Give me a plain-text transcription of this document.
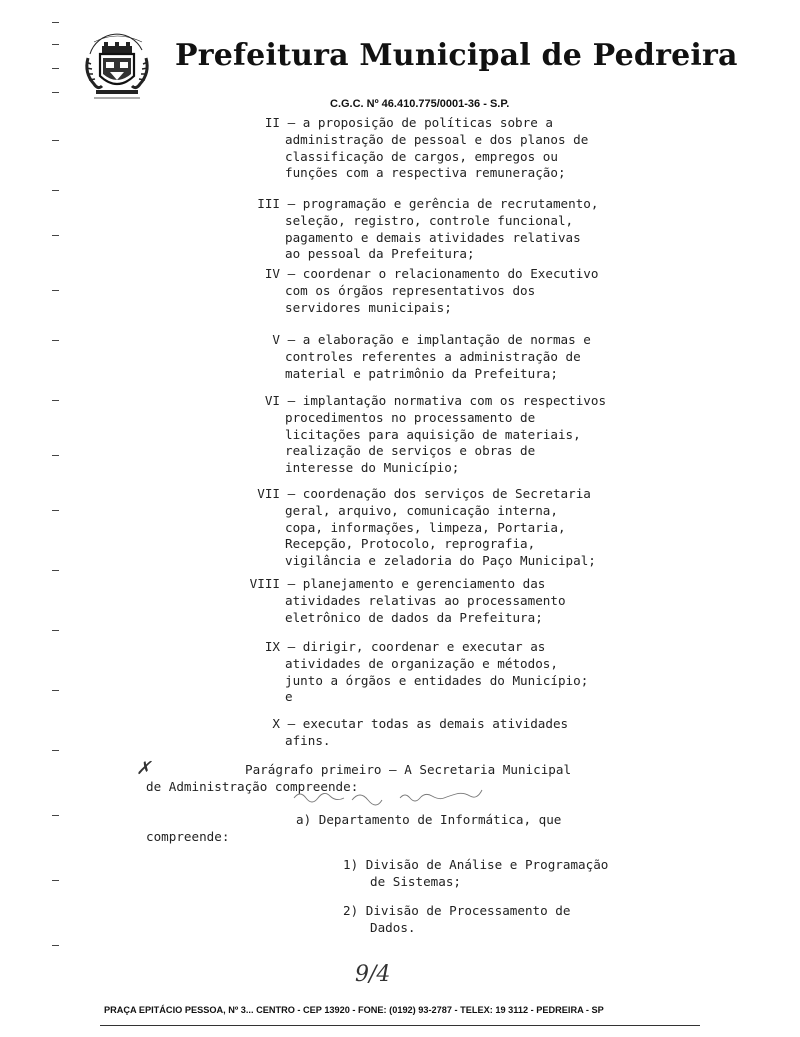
Prefeitura Municipal de Pedreira
C.G.C. Nº 46.410.775/0001-36 - S.P.
II – a proposição de políticas sobre a
administração de pessoal e dos planos de
classificação de cargos, empregos ou
funções com a respectiva remuneração;
III – programação e gerência de recrutamento,
seleção, registro, controle funcional,
pagamento e demais atividades relativas
ao pessoal da Prefeitura;
IV – coordenar o relacionamento do Executivo
com os órgãos representativos dos
servidores municipais;
V – a elaboração e implantação de normas e
controles referentes a administração de
material e patrimônio da Prefeitura;
VI – implantação normativa com os respectivos
procedimentos no processamento de
licitações para aquisição de materiais,
realização de serviços e obras de
interesse do Município;
VII – coordenação dos serviços de Secretaria
geral, arquivo, comunicação interna,
copa, informações, limpeza, Portaria,
Recepção, Protocolo, reprografia,
vigilância e zeladoria do Paço Municipal;
VIII – planejamento e gerenciamento das
atividades relativas ao processamento
eletrônico de dados da Prefeitura;
IX – dirigir, coordenar e executar as
atividades de organização e métodos,
junto a órgãos e entidades do Município;
e
X – executar todas as demais atividades
afins.
✗	Parágrafo primeiro — A Secretaria Municipal
de Administração compreende:
a) Departamento de Informática, que
compreende:
1) Divisão de Análise e Programação
de Sistemas;
2) Divisão de Processamento de
Dados.
9/4
PRAÇA EPITÁCIO PESSOA, Nº 3... CENTRO - CEP 13920 - FONE: (0192) 93-2787 - TELEX: 19 3112 - PEDREIRA - SP
